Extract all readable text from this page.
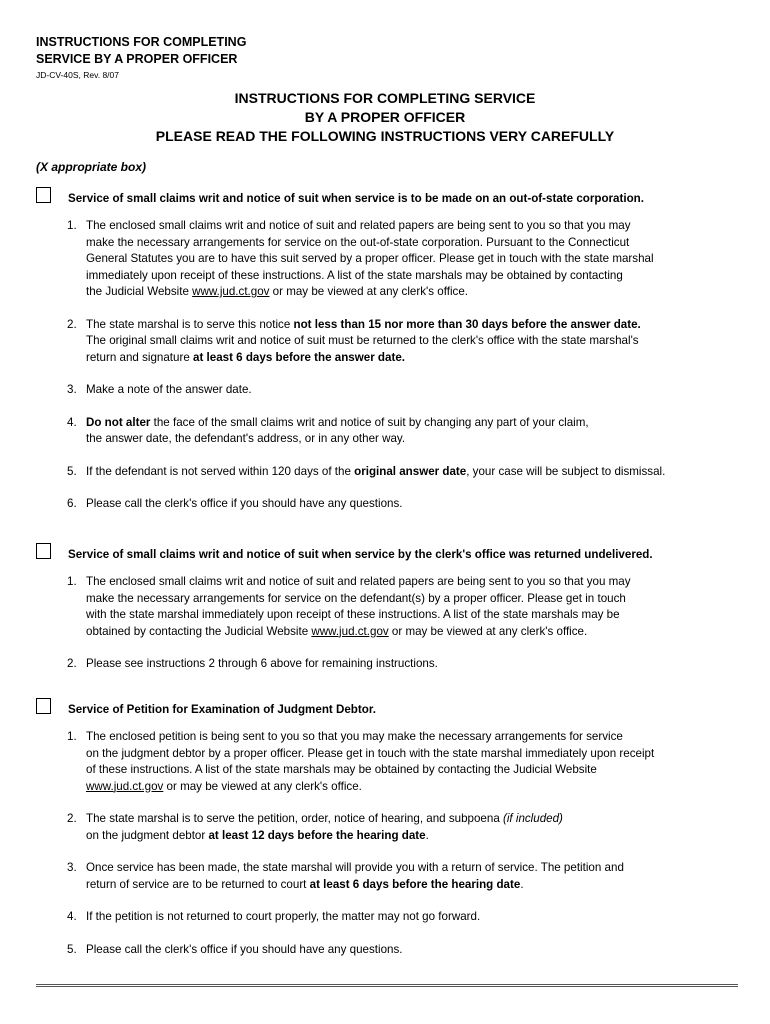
INSTRUCTIONS FOR COMPLETING
SERVICE BY A PROPER OFFICER
JD-CV-40S, Rev. 8/07
INSTRUCTIONS FOR COMPLETING SERVICE
BY A PROPER OFFICER
PLEASE READ THE FOLLOWING INSTRUCTIONS VERY CAREFULLY
(X appropriate box)
Service of small claims writ and notice of suit when service is to be made on an out-of-state corporation.
1. The enclosed small claims writ and notice of suit and related papers are being sent to you so that you may
make the necessary arrangements for service on the out-of-state corporation. Pursuant to the Connecticut
General Statutes you are to have this suit served by a proper officer. Please get in touch with the state marshal
immediately upon receipt of these instructions. A list of the state marshals may be obtained by contacting
the Judicial Website www.jud.ct.gov or may be viewed at any clerk's office.
2. The state marshal is to serve this notice not less than 15 nor more than 30 days before the answer date.
The original small claims writ and notice of suit must be returned to the clerk's office with the state marshal's
return and signature at least 6 days before the answer date.
3. Make a note of the answer date.
4. Do not alter the face of the small claims writ and notice of suit by changing any part of your claim,
the answer date, the defendant's address, or in any other way.
5. If the defendant is not served within 120 days of the original answer date, your case will be subject to dismissal.
6. Please call the clerk's office if you should have any questions.
Service of small claims writ and notice of suit when service by the clerk's office was returned undelivered.
1. The enclosed small claims writ and notice of suit and related papers are being sent to you so that you may
make the necessary arrangements for service on the defendant(s) by a proper officer. Please get in touch
with the state marshal immediately upon receipt of these instructions. A list of the state marshals may be
obtained by contacting the Judicial Website www.jud.ct.gov or may be viewed at any clerk's office.
2. Please see instructions 2 through 6 above for remaining instructions.
Service of Petition for Examination of Judgment Debtor.
1. The enclosed petition is being sent to you so that you may make the necessary arrangements for service
on the judgment debtor by a proper officer. Please get in touch with the state marshal immediately upon receipt
of these instructions. A list of the state marshals may be obtained by contacting the Judicial Website
www.jud.ct.gov or may be viewed at any clerk's office.
2. The state marshal is to serve the petition, order, notice of hearing, and subpoena (if included)
on the judgment debtor at least 12 days before the hearing date.
3. Once service has been made, the state marshal will provide you with a return of service. The petition and
return of service are to be returned to court at least 6 days before the hearing date.
4. If the petition is not returned to court properly, the matter may not go forward.
5. Please call the clerk's office if you should have any questions.
